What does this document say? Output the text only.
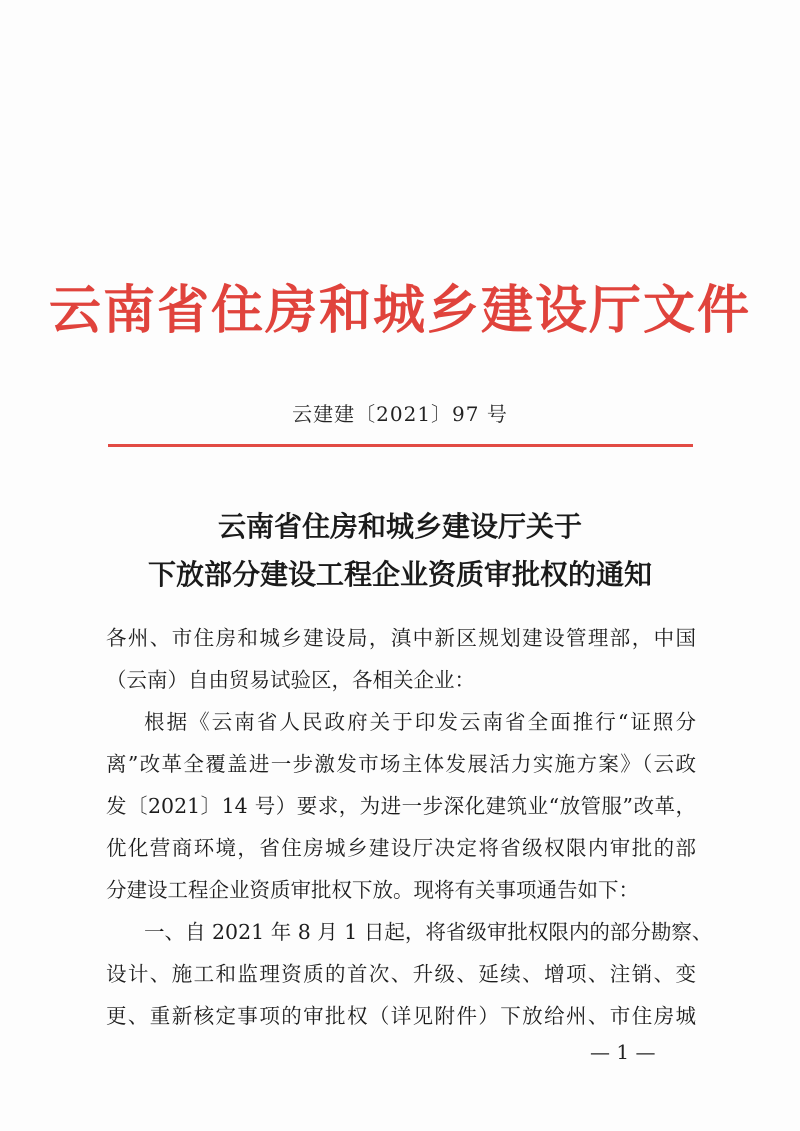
云南省住房和城乡建设厅文件
云建建〔2021〕97 号
云南省住房和城乡建设厅关于
下放部分建设工程企业资质审批权的通知
各州、市住房和城乡建设局，滇中新区规划建设管理部，中国
（云南）自由贸易试验区，各相关企业：
根据《云南省人民政府关于印发云南省全面推行“证照分
离”改革全覆盖进一步激发市场主体发展活力实施方案》（云政
发〔2021〕14 号）要求，为进一步深化建筑业“放管服”改革，
优化营商环境，省住房城乡建设厅决定将省级权限内审批的部
分建设工程企业资质审批权下放。现将有关事项通告如下：
一、自 2021 年 8 月 1 日起，将省级审批权限内的部分勘察、
设计、施工和监理资质的首次、升级、延续、增项、注销、变
更、重新核定事项的审批权（详见附件）下放给州、市住房城
— 1 —
